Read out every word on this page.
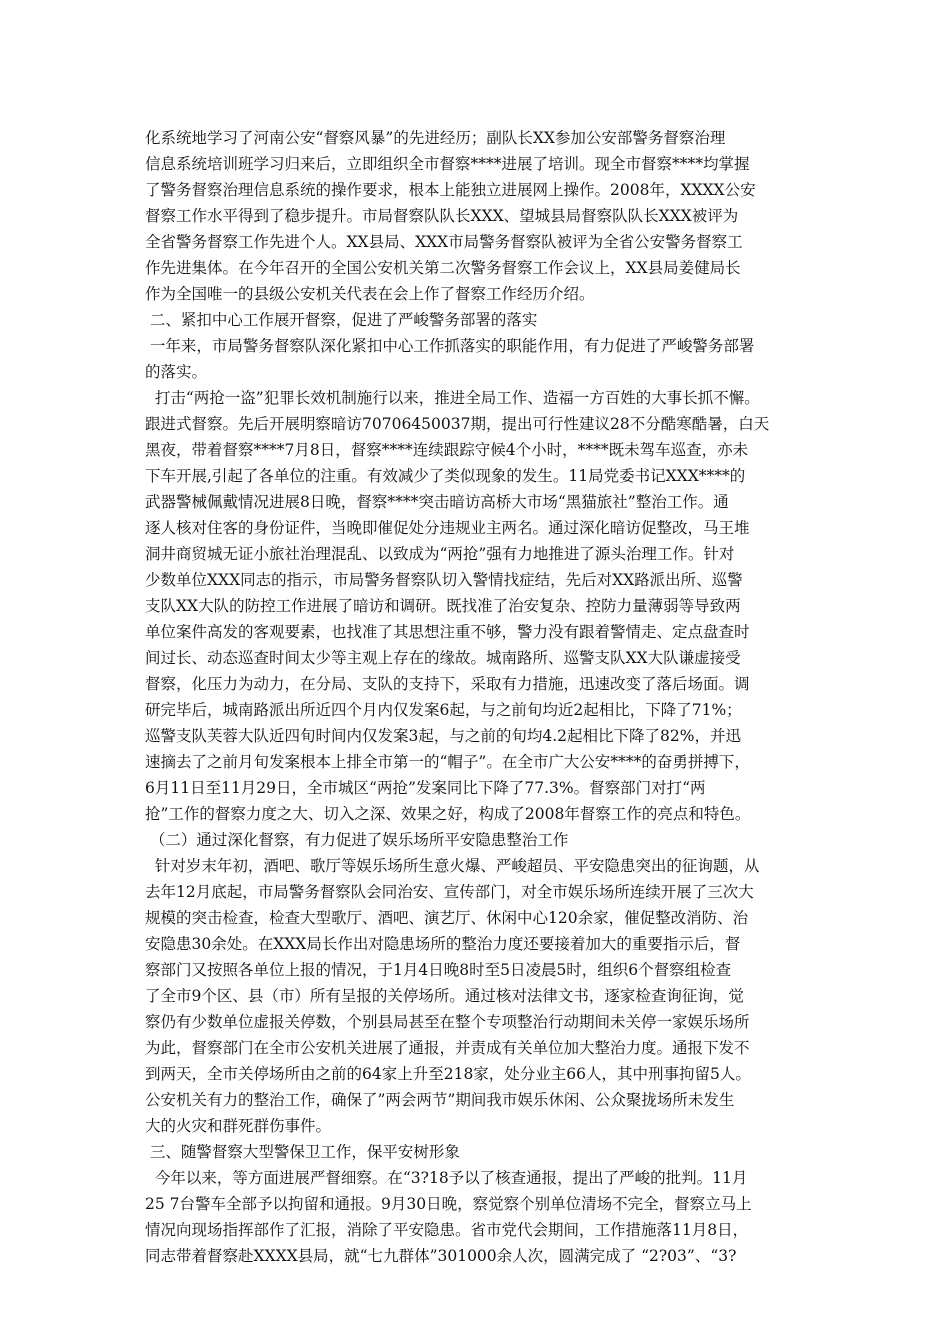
化系统地学习了河南公安“督察风暴”的先进经历；副队长XX参加公安部警务督察治理
信息系统培训班学习归来后，立即组织全市督察****进展了培训。现全市督察****均掌握
了警务督察治理信息系统的操作要求，根本上能独立进展网上操作。2008年，XXXX公安
督察工作水平得到了稳步提升。市局督察队队长XXX、望城县局督察队队长XXX被评为
全省警务督察工作先进个人。XX县局、XXX市局警务督察队被评为全省公安警务督察工
作先进集体。在今年召开的全国公安机关第二次警务督察工作会议上，XX县局姜健局长
作为全国唯一的县级公安机关代表在会上作了督察工作经历介绍。
二、紧扣中心工作展开督察，促进了严峻警务部署的落实
一年来，市局警务督察队深化紧扣中心工作抓落实的职能作用，有力促进了严峻警务部署
的落实。
打击“两抢一盗”犯罪长效机制施行以来，推进全局工作、造福一方百姓的大事长抓不懈。
跟进式督察。先后开展明察暗访70706450037期，提出可行性建议28不分酷寒酷暑，白天
黑夜，带着督察****7月8日，督察****连续跟踪守候4个小时，****既未驾车巡查，亦未
下车开展,引起了各单位的注重。有效减少了类似现象的发生。11局党委书记XXX****的
武器警械佩戴情况进展8日晚，督察****突击暗访高桥大市场“黑猫旅社”整治工作。通
逐人核对住客的身份证件，当晚即催促处分违规业主两名。通过深化暗访促整改，马王堆
洞井商贸城无证小旅社治理混乱、以致成为“两抢”强有力地推进了源头治理工作。针对
少数单位XXX同志的指示，市局警务督察队切入警情找症结，先后对XX路派出所、巡警
支队XX大队的防控工作进展了暗访和调研。既找准了治安复杂、控防力量薄弱等导致两
单位案件高发的客观要素，也找准了其思想注重不够，警力没有跟着警情走、定点盘查时
间过长、动态巡查时间太少等主观上存在的缘故。城南路所、巡警支队XX大队谦虚接受
督察，化压力为动力，在分局、支队的支持下，采取有力措施，迅速改变了落后场面。调
研完毕后，城南路派出所近四个月内仅发案6起，与之前旬均近2起相比，下降了71%；
巡警支队芙蓉大队近四旬时间内仅发案3起，与之前的旬均4.2起相比下降了82%，并迅
速摘去了之前月旬发案根本上排全市第一的“帽子”。在全市广大公安****的奋勇拼搏下，
6月11日至11月29日，全市城区“两抢”发案同比下降了77.3%。督察部门对打“两
抢”工作的督察力度之大、切入之深、效果之好，构成了2008年督察工作的亮点和特色。
（二）通过深化督察，有力促进了娱乐场所平安隐患整治工作
针对岁末年初，酒吧、歌厅等娱乐场所生意火爆、严峻超员、平安隐患突出的征询题，从
去年12月底起，市局警务督察队会同治安、宣传部门，对全市娱乐场所连续开展了三次大
规模的突击检查，检查大型歌厅、酒吧、演艺厅、休闲中心120余家，催促整改消防、治
安隐患30余处。在XXX局长作出对隐患场所的整治力度还要接着加大的重要指示后，督
察部门又按照各单位上报的情况，于1月4日晚8时至5日凌晨5时，组织6个督察组检查
了全市9个区、县（市）所有呈报的关停场所。通过核对法律文书，逐家检查询征询，觉
察仍有少数单位虚报关停数，个别县局甚至在整个专项整治行动期间未关停一家娱乐场所
为此，督察部门在全市公安机关进展了通报，并责成有关单位加大整治力度。通报下发不
到两天，全市关停场所由之前的64家上升至218家，处分业主66人，其中刑事拘留5人。
公安机关有力的整治工作，确保了”两会两节”期间我市娱乐休闲、公众聚拢场所未发生
大的火灾和群死群伤事件。
三、随警督察大型警保卫工作，保平安树形象
今年以来，等方面进展严督细察。在“3?18予以了核查通报，提出了严峻的批判。11月
25 7台警车全部予以拘留和通报。9月30日晚，察觉察个别单位清场不完全，督察立马上
情况向现场指挥部作了汇报，消除了平安隐患。省市党代会期间，工作措施落11月8日，
同志带着督察赴XXXX县局，就“七九群体”301000余人次，圆满完成了 “2?03”、“3?
